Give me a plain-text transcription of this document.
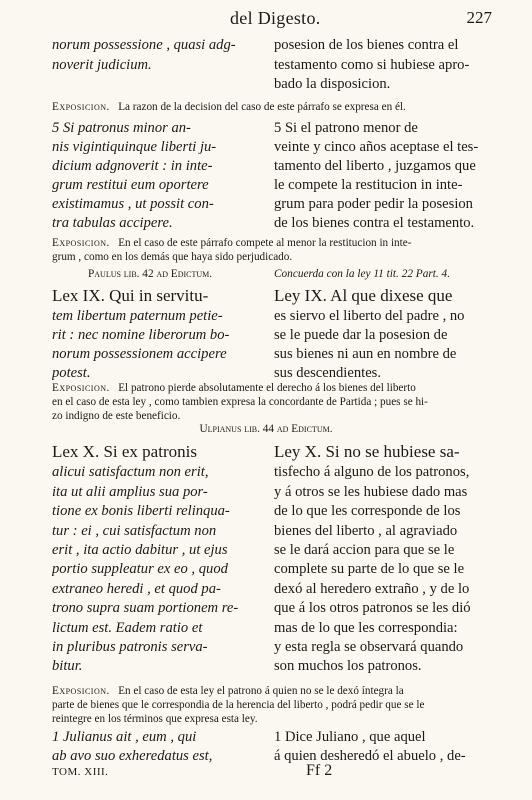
del Digesto.	227
norum possessione , quasi adg-
noverit judicium.
posesion de los bienes contra el
testamento como si hubiese apro-
bado la disposicion.
Exposicion. La razon de la decision del caso de este párrafo se expresa en él.
5 Si patronus minor an-
nis vigintiquinque liberti ju-
dicium adgnoverit : in inte-
grum restitui eum oportere
existimamus , ut possit con-
tra tabulas accipere.
5 Si el patrono menor de
veinte y cinco años aceptase el tes-
tamento del liberto , juzgamos que
le compete la restitucion in inte-
grum para poder pedir la posesion
de los bienes contra el testamento.
Exposicion. En el caso de este párrafo compete al menor la restitucion in inte-
grum , como en los demás que haya sido perjudicado.
Paulus lib. 42 ad Edictum.	Concuerda con la ley 11 tit. 22 Part. 4.
Lex IX. Qui in servitu-
tem libertum paternum petie-
rit : nec nomine liberorum bo-
norum possessionem accipere
potest.
Ley IX. Al que dixese que
es siervo el liberto del padre , no
se le puede dar la posesion de
sus bienes ni aun en nombre de
sus descendientes.
Exposicion. El patrono pierde absolutamente el derecho á los bienes del liberto
en el caso de esta ley , como tambien expresa la concordante de Partida ; pues se hi-
zo indigno de este beneficio.
Ulpianus lib. 44 ad Edictum.
Lex X. Si ex patronis
alicui satisfactum non erit,
ita ut alii amplius sua por-
tione ex bonis liberti relinqua-
tur : ei , cui satisfactum non
erit , ita actio dabitur , ut ejus
portio suppleatur ex eo , quod
extraneo heredi , et quod pa-
trono supra suam portionem re-
lictum est. Eadem ratio et
in pluribus patronis serva-
bitur.
Ley X. Si no se hubiese sa-
tisfecho á alguno de los patronos,
y á otros se les hubiese dado mas
de lo que les corresponde de los
bienes del liberto , al agraviado
se le dará accion para que se le
complete su parte de lo que se le
dexó al heredero extraño , y de lo
que á los otros patronos se les dió
mas de lo que les correspondia:
y esta regla se observará quando
son muchos los patronos.
Exposicion. En el caso de esta ley el patrono á quien no se le dexó íntegra la
parte de bienes que le correspondia de la herencia del liberto , podrá pedir que se le
reintegre en los términos que expresa esta ley.
1 Julianus ait , eum , qui
ab avo suo exheredatus est,
1 Dice Juliano , que aquel
á quien desheredó el abuelo , de-
TOM. XIII.	Ff 2
